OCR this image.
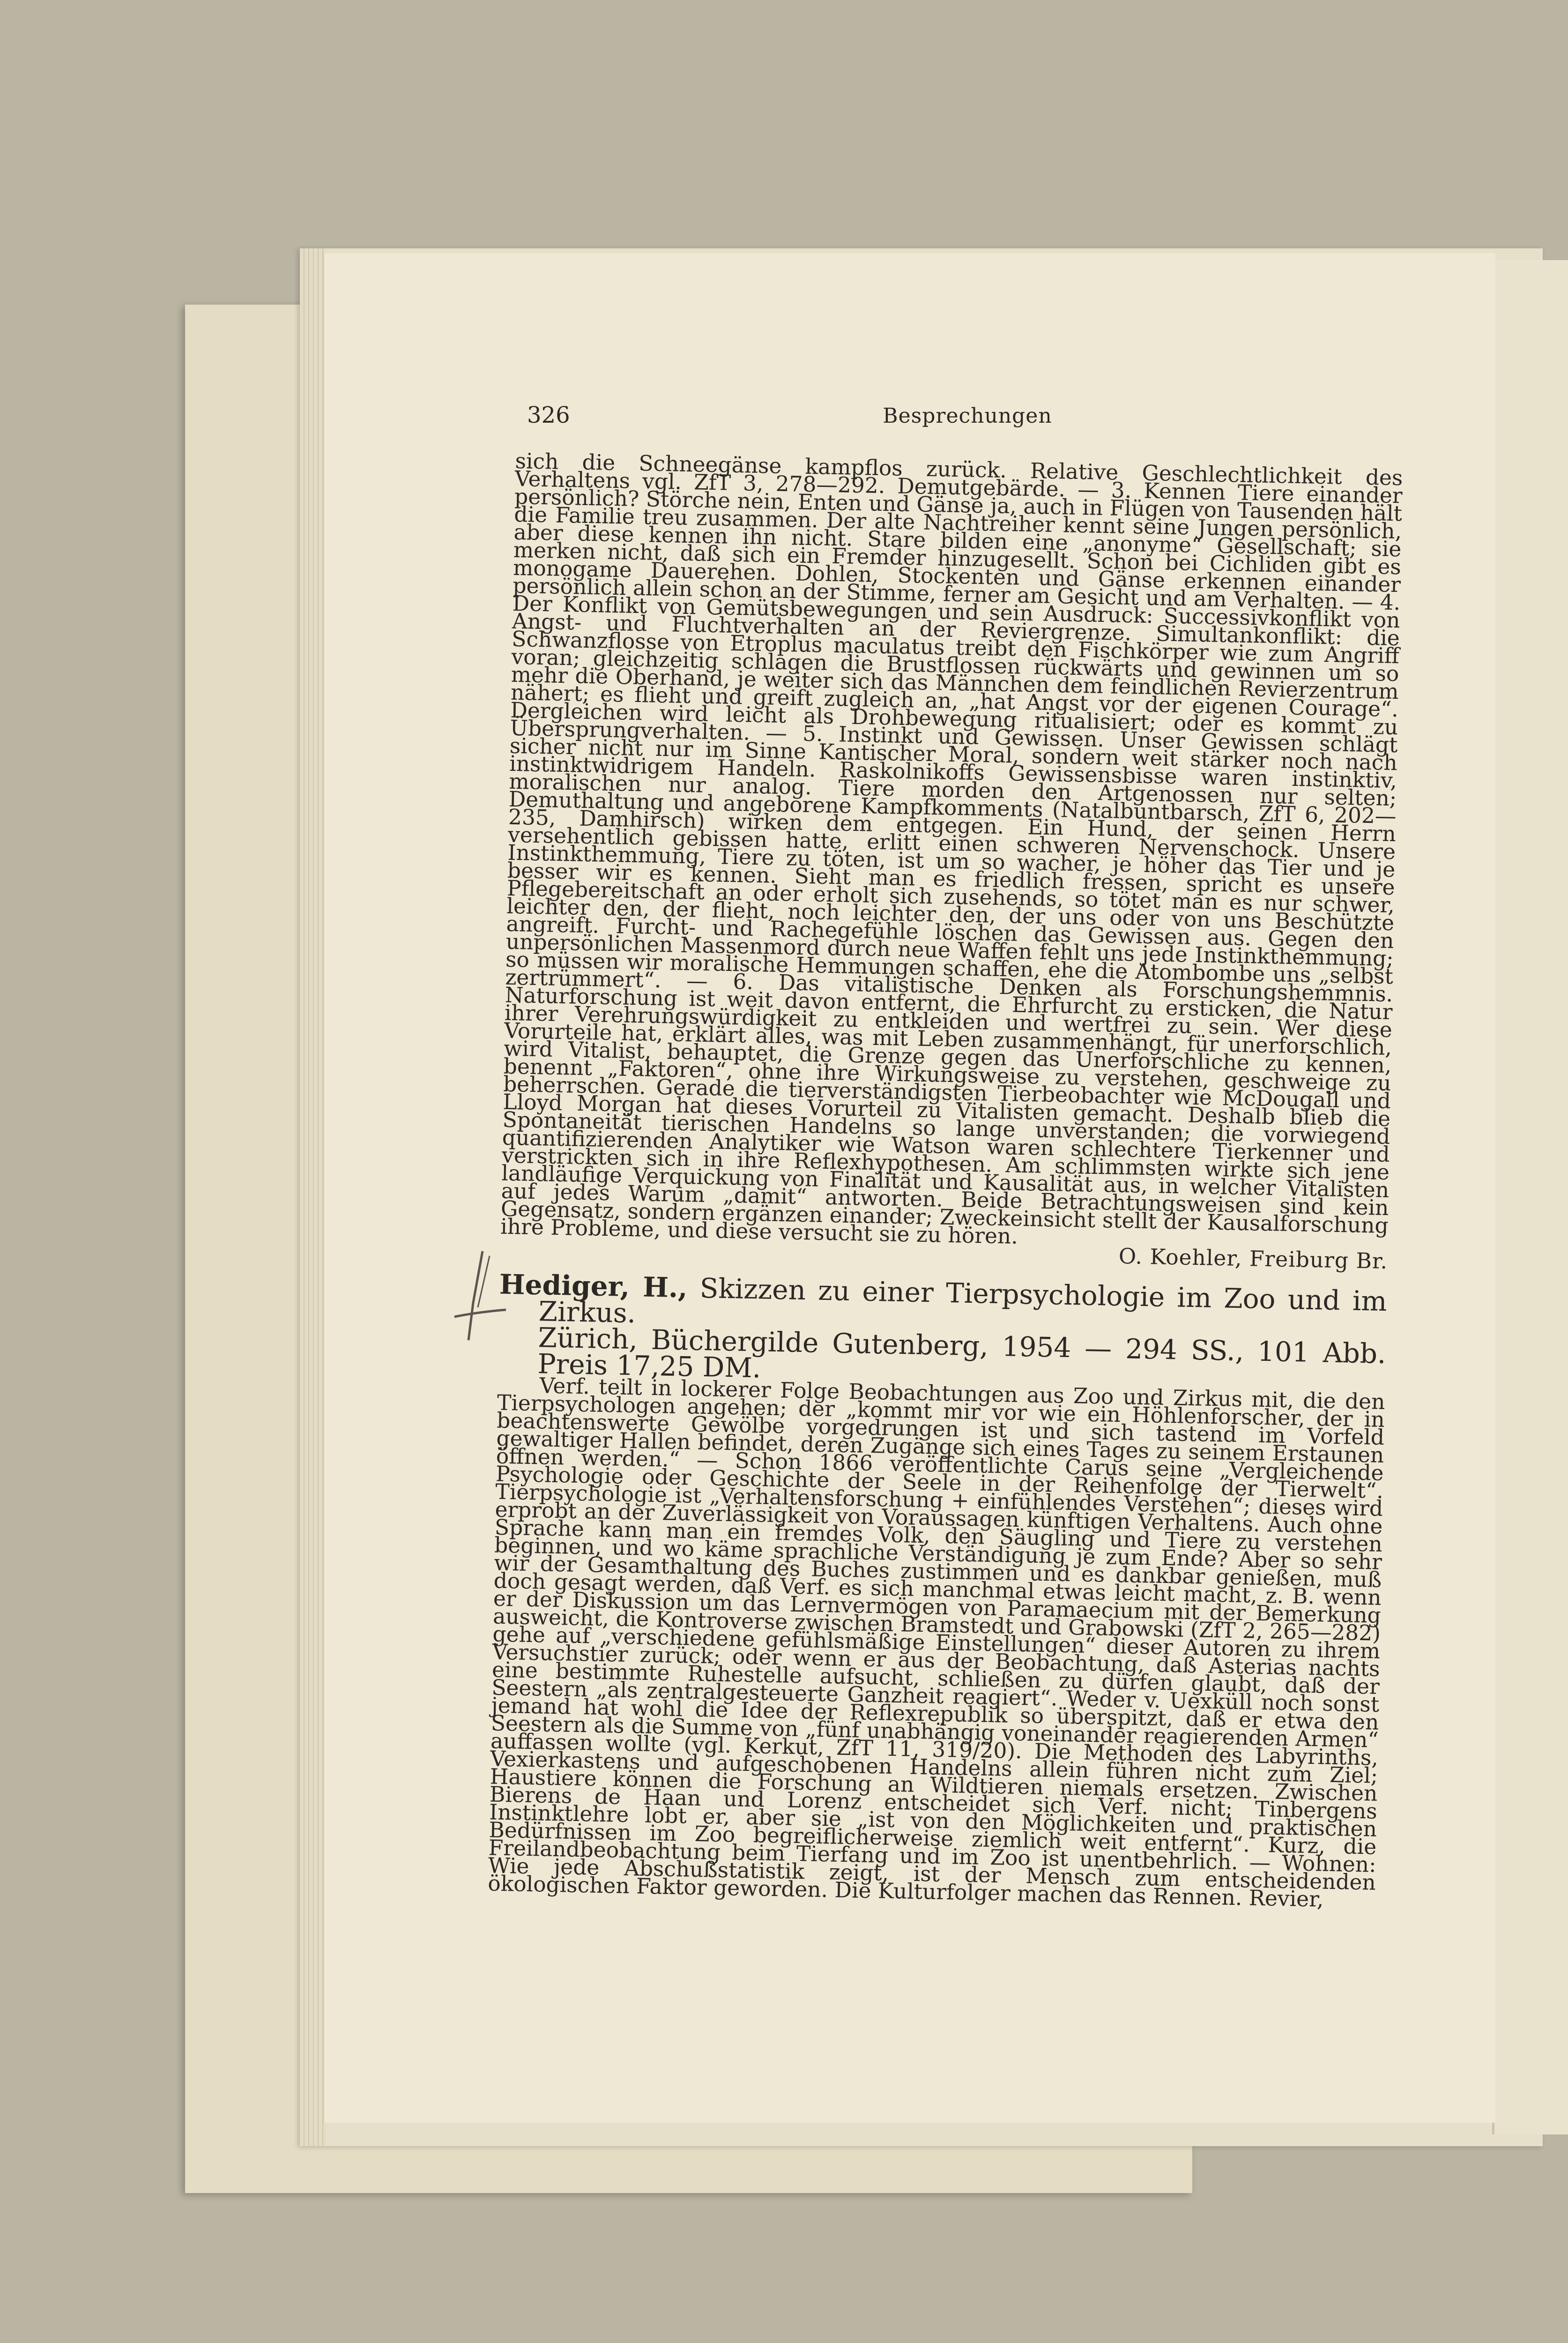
326	Besprechungen

sich die Schneegänse kampflos zurück. Relative Geschlechtlichkeit des Verhaltens vgl. ZfT 3, 278—292. Demutgebärde. — 3. Kennen Tiere einander persönlich? Störche nein, Enten und Gänse ja, auch in Flügen von Tausenden hält die Familie treu zusammen. Der alte Nachtreiher kennt seine Jungen persönlich, aber diese kennen ihn nicht. Stare bilden eine „anonyme“ Gesellschaft; sie merken nicht, daß sich ein Fremder hinzugesellt. Schon bei Cichliden gibt es monogame Dauerehen. Dohlen, Stockenten und Gänse erkennen einander persönlich allein schon an der Stimme, ferner am Gesicht und am Verhalten. — 4. Der Konflikt von Gemütsbewegungen und sein Ausdruck: Successivkonflikt von Angst- und Fluchtverhalten an der Reviergrenze. Simultankonflikt: die Schwanzflosse von Etroplus maculatus treibt den Fischkörper wie zum Angriff voran; gleichzeitig schlagen die Brustflossen rückwärts und gewinnen um so mehr die Oberhand, je weiter sich das Männchen dem feindlichen Revierzentrum nähert; es flieht und greift zugleich an, „hat Angst vor der eigenen Courage“. Dergleichen wird leicht als Drohbewegung ritualisiert; oder es kommt zu Übersprungverhalten. — 5. Instinkt und Gewissen. Unser Gewissen schlägt sicher nicht nur im Sinne Kantischer Moral, sondern weit stärker noch nach instinktwidrigem Handeln. Raskolnikoffs Gewissensbisse waren instinktiv, moralischen nur analog. Tiere morden den Artgenossen nur selten; Demuthaltung und angeborene Kampfkomments (Natalbuntbarsch, ZfT 6, 202—235, Damhirsch) wirken dem entgegen. Ein Hund, der seinen Herrn versehentlich gebissen hatte, erlitt einen schweren Nervenschock. Unsere Instinkthemmung, Tiere zu töten, ist um so wacher, je höher das Tier und je besser wir es kennen. Sieht man es friedlich fressen, spricht es unsere Pflegebereitschaft an oder erholt sich zusehends, so tötet man es nur schwer, leichter den, der flieht, noch leichter den, der uns oder von uns Beschützte angreift. Furcht- und Rachegefühle löschen das Gewissen aus. Gegen den unpersönlichen Massenmord durch neue Waffen fehlt uns jede Instinkthemmung; so müssen wir moralische Hemmungen schaffen, ehe die Atombombe uns „selbst zertrümmert“. — 6. Das vitalistische Denken als Forschungshemmnis. Naturforschung ist weit davon entfernt, die Ehrfurcht zu ersticken, die Natur ihrer Verehrungswürdigkeit zu entkleiden und wertfrei zu sein. Wer diese Vorurteile hat, erklärt alles, was mit Leben zusammenhängt, für unerforschlich, wird Vitalist, behauptet, die Grenze gegen das Unerforschliche zu kennen, benennt „Faktoren“, ohne ihre Wirkungsweise zu verstehen, geschweige zu beherrschen. Gerade die tierverständigsten Tierbeobachter wie McDougall und Lloyd Morgan hat dieses Vorurteil zu Vitalisten gemacht. Deshalb blieb die Spontaneität tierischen Handelns so lange unverstanden; die vorwiegend quantifizierenden Analytiker wie Watson waren schlechtere Tierkenner und verstrickten sich in ihre Reflexhypothesen. Am schlimmsten wirkte sich jene landläufige Verquickung von Finalität und Kausalität aus, in welcher Vitalisten auf jedes Warum „damit“ antworten. Beide Betrachtungsweisen sind kein Gegensatz, sondern ergänzen einander; Zweckeinsicht stellt der Kausalforschung ihre Probleme, und diese versucht sie zu hören.

O. Koehler, Freiburg Br.

Hediger, H., Skizzen zu einer Tierpsychologie im Zoo und im Zirkus.
Zürich, Büchergilde Gutenberg, 1954 — 294 SS., 101 Abb. Preis 17,25 DM.

Verf. teilt in lockerer Folge Beobachtungen aus Zoo und Zirkus mit, die den Tierpsychologen angehen; der „kommt mir vor wie ein Höhlenforscher, der in beachtenswerte Gewölbe vorgedrungen ist und sich tastend im Vorfeld gewaltiger Hallen befindet, deren Zugänge sich eines Tages zu seinem Erstaunen öffnen werden.“ — Schon 1866 veröffentlichte Carus seine „Vergleichende Psychologie oder Geschichte der Seele in der Reihenfolge der Tierwelt“. Tierpsychologie ist „Verhaltensforschung + einfühlendes Verstehen“; dieses wird erprobt an der Zuverlässigkeit von Voraussagen künftigen Verhaltens. Auch ohne Sprache kann man ein fremdes Volk, den Säugling und Tiere zu verstehen beginnen, und wo käme sprachliche Verständigung je zum Ende? Aber so sehr wir der Gesamthaltung des Buches zustimmen und es dankbar genießen, muß doch gesagt werden, daß Verf. es sich manchmal etwas leicht macht, z. B. wenn er der Diskussion um das Lernvermögen von Paramaecium mit der Bemerkung ausweicht, die Kontroverse zwischen Bramstedt und Grabowski (ZfT 2, 265—282) gehe auf „verschiedene gefühlsmäßige Einstellungen“ dieser Autoren zu ihrem Versuchstier zurück; oder wenn er aus der Beobachtung, daß Asterias nachts eine bestimmte Ruhestelle aufsucht, schließen zu dürfen glaubt, daß der Seestern „als zentralgesteuerte Ganzheit reagiert“. Weder v. Uexküll noch sonst jemand hat wohl die Idee der Reflexrepublik so überspitzt, daß er etwa den Seestern als die Summe von „fünf unabhängig voneinander reagierenden Armen“ auffassen wollte (vgl. Kerkut, ZfT 11, 319/20). Die Methoden des Labyrinths, Vexierkastens und aufgeschobenen Handelns allein führen nicht zum Ziel; Haustiere können die Forschung an Wildtieren niemals ersetzen. Zwischen Bierens de Haan und Lorenz entscheidet sich Verf. nicht; Tinbergens Instinktlehre lobt er, aber sie „ist von den Möglichkeiten und praktischen Bedürfnissen im Zoo begreiflicherweise ziemlich weit entfernt“. Kurz, die Freilandbeobachtung beim Tierfang und im Zoo ist unentbehrlich. — Wohnen: Wie jede Abschußstatistik zeigt, ist der Mensch zum entscheidenden ökologischen Faktor geworden. Die Kulturfolger machen das Rennen. Revier,
